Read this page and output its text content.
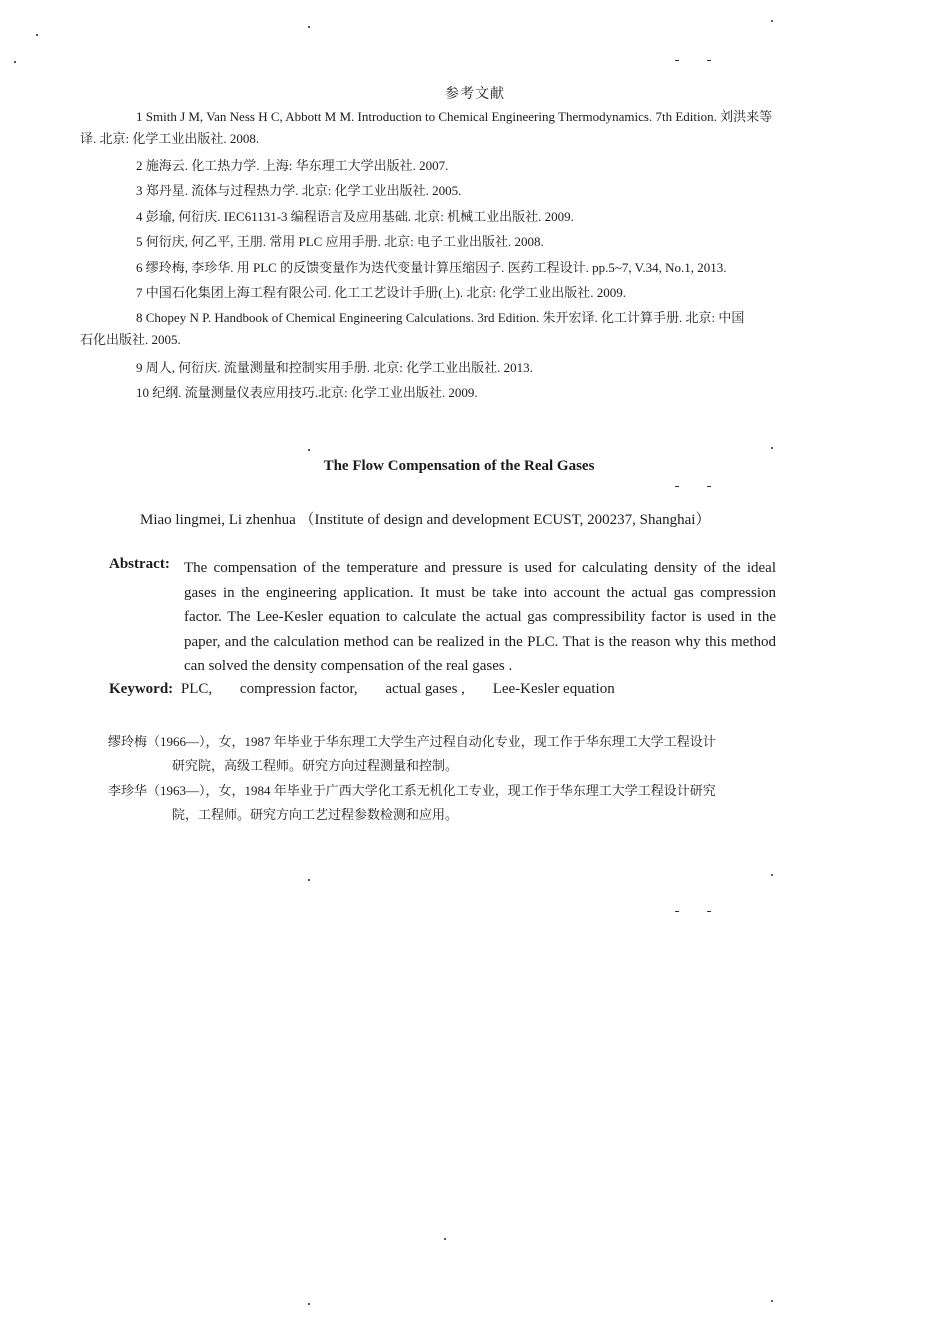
参考文献
1 Smith J M, Van Ness H C, Abbott M M. Introduction to Chemical Engineering Thermodynamics. 7th Edition. 刘洪来等
译. 北京: 化学工业出版社. 2008.
2 施海云. 化工热力学. 上海: 华东理工大学出版社. 2007.
3 郑丹星. 流体与过程热力学. 北京: 化学工业出版社. 2005.
4 彭瑜, 何衍庆. IEC61131-3 编程语言及应用基础. 北京: 机械工业出版社. 2009.
5 何衍庆, 何乙平, 王朋. 常用 PLC 应用手册. 北京: 电子工业出版社. 2008.
6 缪玲梅, 李珍华. 用 PLC 的反馈变量作为迭代变量计算压缩因子. 医药工程设计. pp.5~7, V.34, No.1, 2013.
7 中国石化集团上海工程有限公司. 化工工艺设计手册(上). 北京: 化学工业出版社. 2009.
8 Chopey N P. Handbook of Chemical Engineering Calculations. 3rd Edition. 朱开宏译. 化工计算手册. 北京: 中国
石化出版社. 2005.
9 周人, 何衍庆. 流量测量和控制实用手册. 北京: 化学工业出版社. 2013.
10 纪纲. 流量测量仪表应用技巧.北京: 化学工业出版社. 2009.
The Flow Compensation of the Real Gases
Miao lingmei, Li zhenhua （Institute of design and development ECUST, 200237, Shanghai）
Abstract: The compensation of the temperature and pressure is used for calculating density of the ideal gases in the engineering application. It must be take into account the actual gas compression factor. The Lee-Kesler equation to calculate the actual gas compressibility factor is used in the paper, and the calculation method can be realized in the PLC. That is the reason why this method can solved the density compensation of the real gases .
Keyword: PLC, compression factor, actual gases , Lee-Kesler equation
缪玲梅（1966—），女，1987 年毕业于华东理工大学生产过程自动化专业，现工作于华东理工大学工程设计
研究院，高级工程师。研究方向过程测量和控制。
李珍华（1963—），女，1984 年毕业于广西大学化工系无机化工专业，现工作于华东理工大学工程设计研究
院，工程师。研究方向工艺过程参数检测和应用。
